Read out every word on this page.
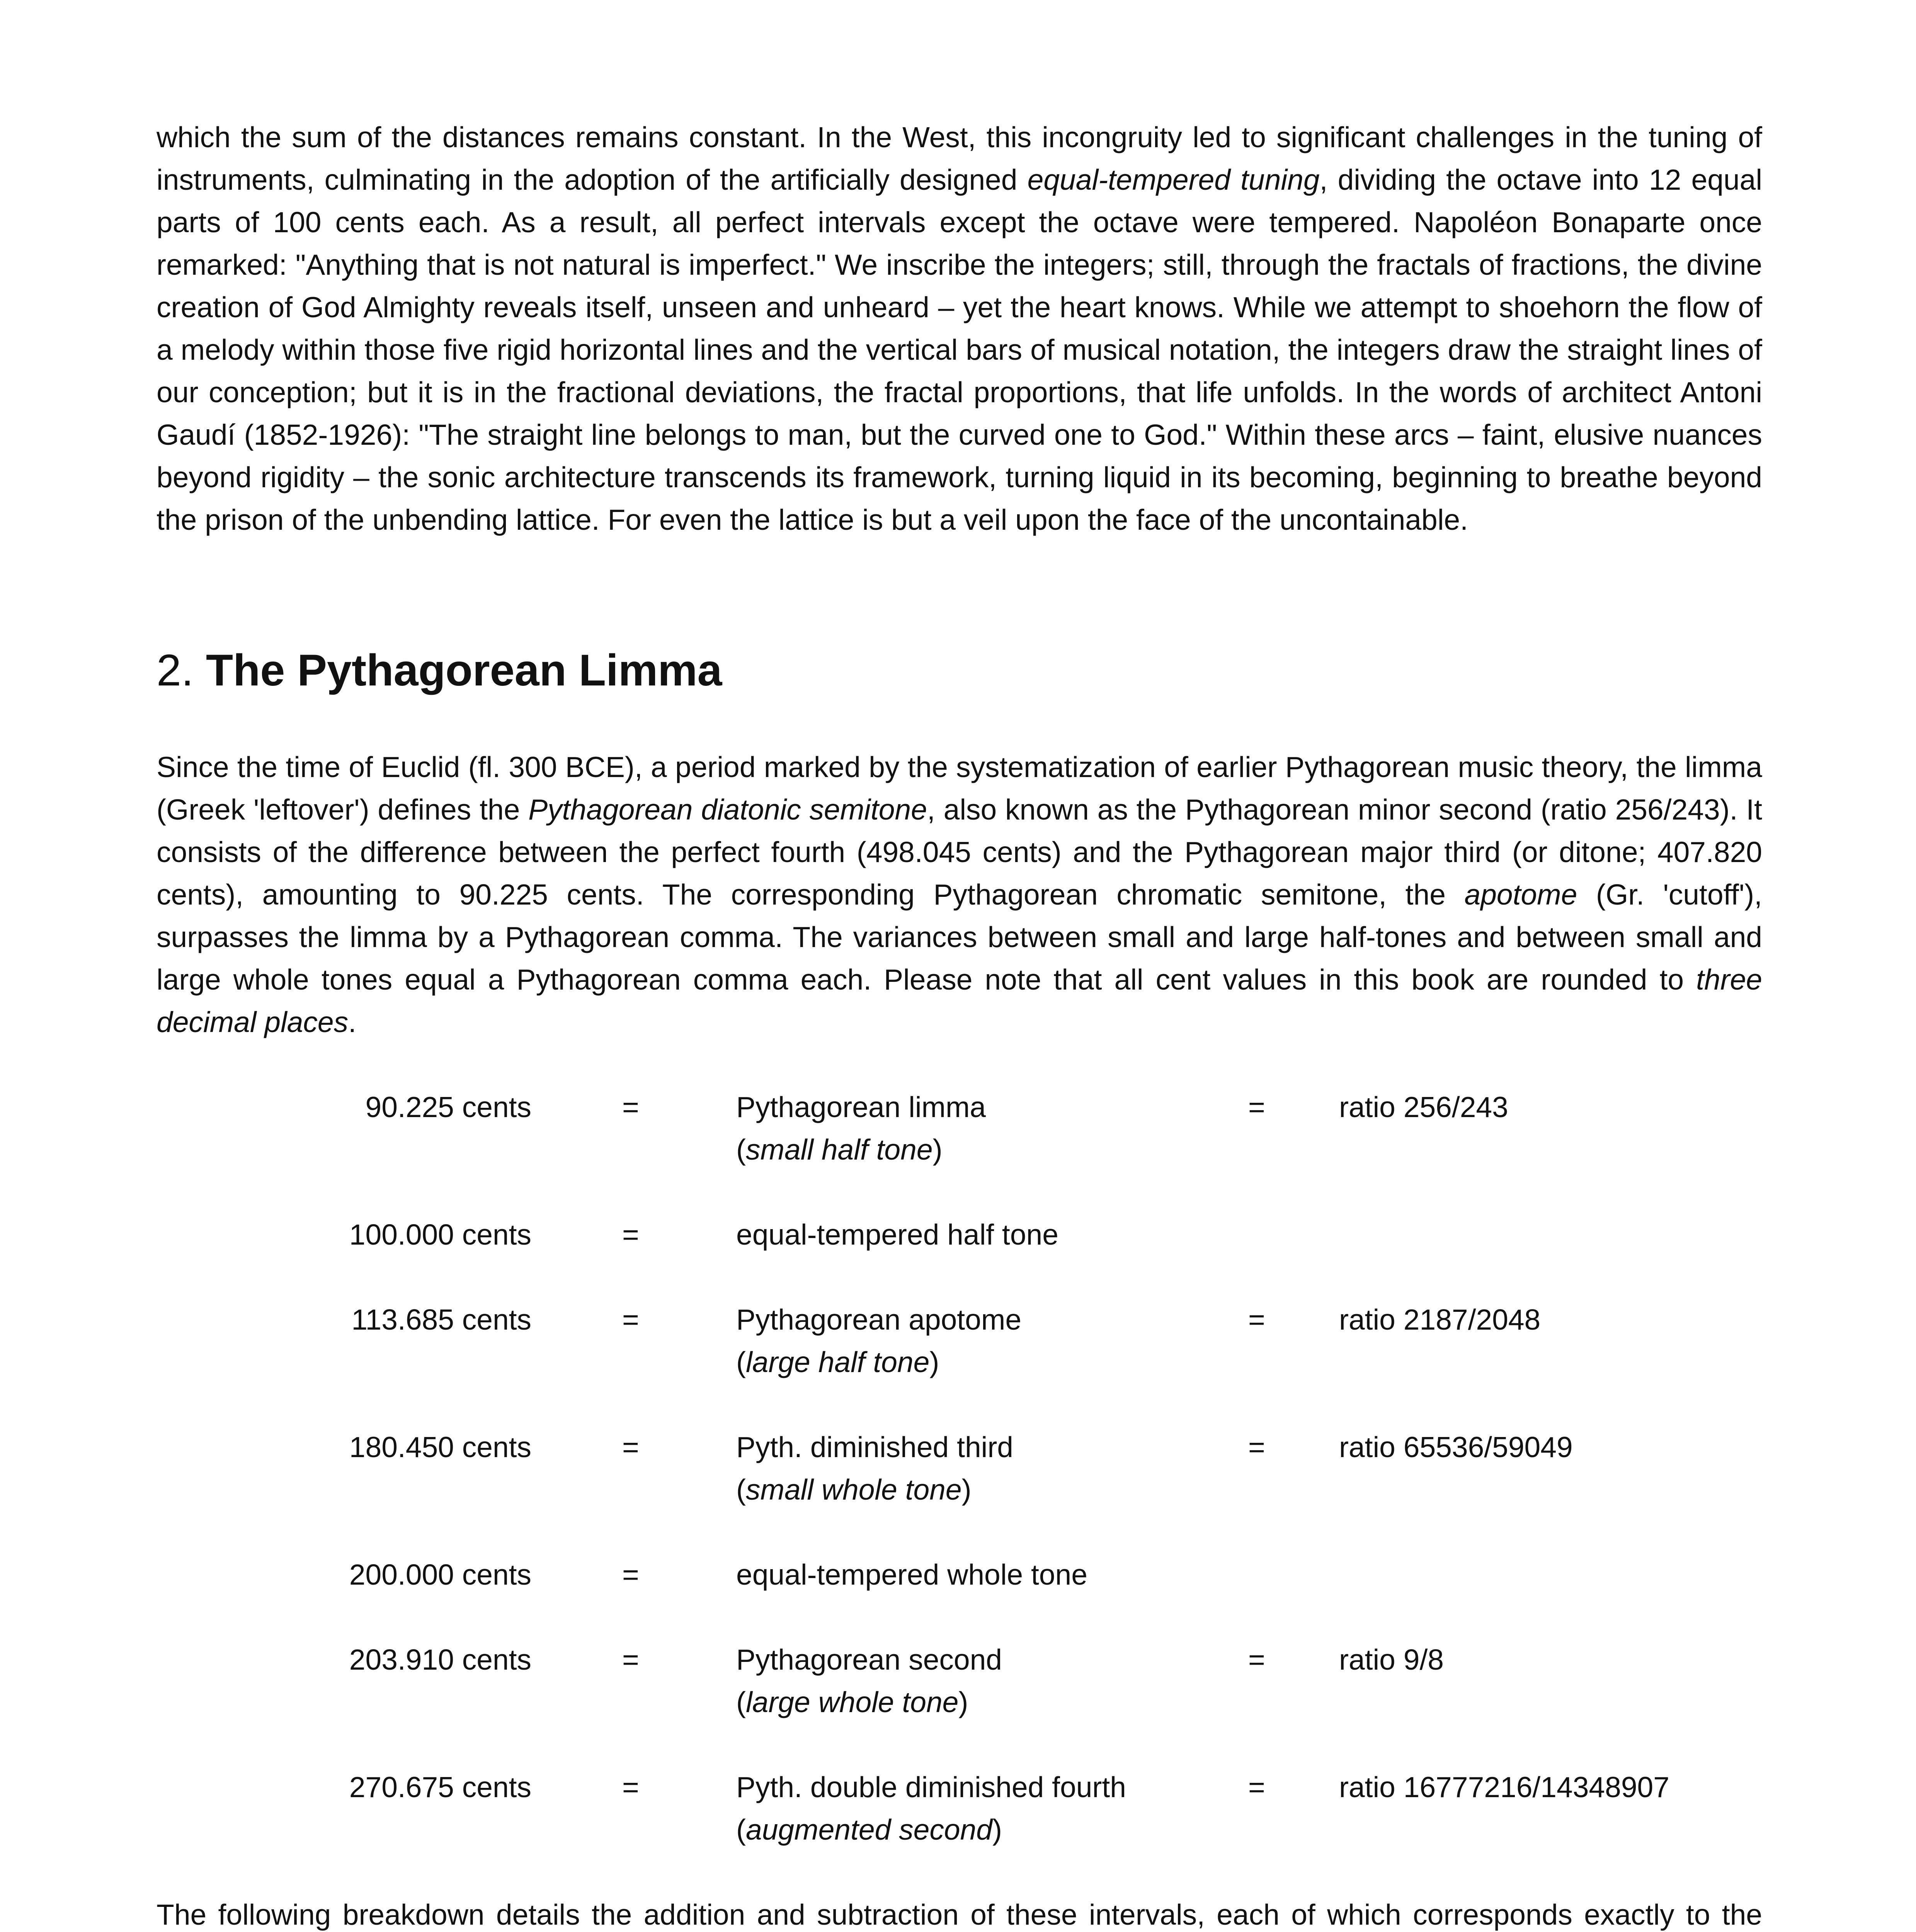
which the sum of the distances remains constant. In the West, this incongruity led to significant challenges in the tuning of instruments, culminating in the adoption of the artificially designed equal-tempered tuning, dividing the octave into 12 equal parts of 100 cents each. As a result, all perfect intervals except the octave were tempered. Napoléon Bonaparte once remarked: "Anything that is not natural is imperfect." We inscribe the integers; still, through the fractals of fractions, the divine creation of God Almighty reveals itself, unseen and unheard – yet the heart knows. While we attempt to shoehorn the flow of a melody within those five rigid horizontal lines and the vertical bars of musical notation, the integers draw the straight lines of our conception; but it is in the fractional deviations, the fractal proportions, that life unfolds. In the words of architect Antoni Gaudí (1852-1926): "The straight line belongs to man, but the curved one to God." Within these arcs – faint, elusive nuances beyond rigidity – the sonic architecture transcends its framework, turning liquid in its becoming, beginning to breathe beyond the prison of the unbending lattice. For even the lattice is but a veil upon the face of the uncontainable.

2. The Pythagorean Limma

Since the time of Euclid (fl. 300 BCE), a period marked by the systematization of earlier Pythagorean music theory, the limma (Greek 'leftover') defines the Pythagorean diatonic semitone, also known as the Pythagorean minor second (ratio 256/243). It consists of the difference between the perfect fourth (498.045 cents) and the Pythagorean major third (or ditone; 407.820 cents), amounting to 90.225 cents. The corresponding Pythagorean chromatic semitone, the apotome (Gr. 'cutoff'), surpasses the limma by a Pythagorean comma. The variances between small and large half-tones and between small and large whole tones equal a Pythagorean comma each. Please note that all cent values in this book are rounded to three decimal places.

90.225 cents	=	Pythagorean limma
(small half tone)
=	ratio 256/243
100.000 cents	=	equal-tempered half tone
113.685 cents	=	Pythagorean apotome
(large half tone)
=	ratio 2187/2048
180.450 cents	=	Pyth. diminished third
(small whole tone)
=	ratio 65536/59049
200.000 cents	=	equal-tempered whole tone
203.910 cents	=	Pythagorean second
(large whole tone)
=	ratio 9/8
270.675 cents	=	Pyth. double diminished fourth
(augmented second)
=	ratio 16777216/14348907

The following breakdown details the addition and subtraction of these intervals, each of which corresponds exactly to the
